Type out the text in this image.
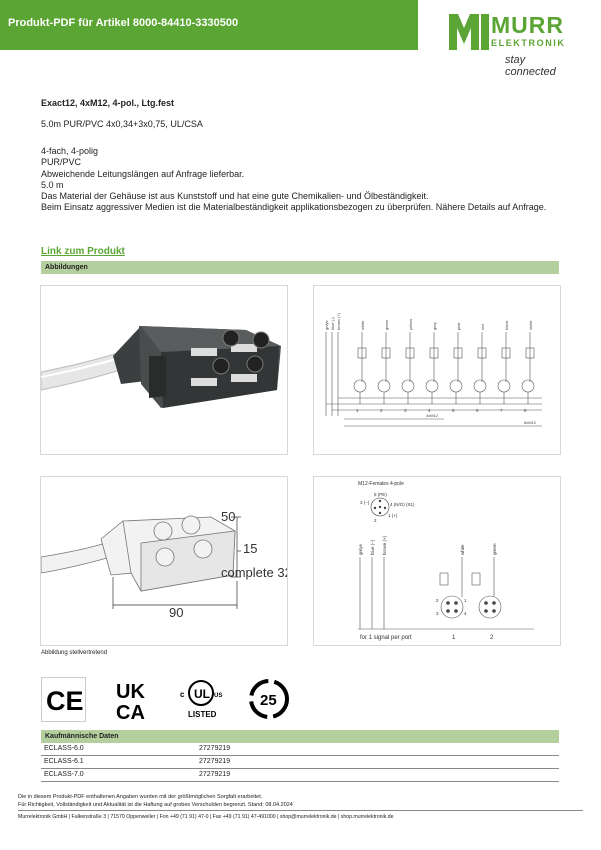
Produkt-PDF für Artikel 8000-84410-3330500	MURR
ELEKTRONIK
stay connected
Exact12, 4xM12, 4-pol., Ltg.fest
5.0m PUR/PVC 4x0,34+3x0,75, UL/CSA
4-fach, 4-polig
PUR/PVC
Abweichende Leitungslängen auf Anfrage lieferbar.
5.0 m
Das Material der Gehäuse ist aus Kunststoff und hat eine gute Chemikalien- und Ölbeständigkeit.
Beim Einsatz aggressiver Medien ist die Materialbeständigkeit applikationsbezogen zu überprüfen. Nähere Details auf Anfrage.
Link zum Produkt
Abbildungen
gn/ye blue (-) brown (+)	white	green	yellow	grey	pink	red	black	violet
1	2	3	4	5	6	7	8
4xM12
8xM12
50
15
complete 32
90
M12-Females 4-pole
5 (PE)
3 (–)	4 (N/O) (S1)
1 (+)
2
gn/ye blue (–) brown (+)	white	green
2	1
3	4
for 1 signal per port	1	2
Abbildung stellvertretend
CE UK
CA
UL
c	US
LISTED
25
Kaufmännische Daten
ECLASS-6.0	27279219
ECLASS-6.1	27279219
ECLASS-7.0	27279219
Die in diesem Produkt-PDF enthaltenen Angaben wurden mit der größtmöglichen Sorgfalt erarbeitet.
Für Richtigkeit, Vollständigkeit und Aktualität ist die Haftung auf grobes Verschulden begrenzt. Stand: 08.04.2024
Murrelektronik GmbH | Falkenstraße 3 | 71570 Oppenweiler | Fon +49 (71 91) 47-0 | Fax +49 (71 91) 47-491000 | shop@murrelektronik.de | shop.murrelektronik.de
